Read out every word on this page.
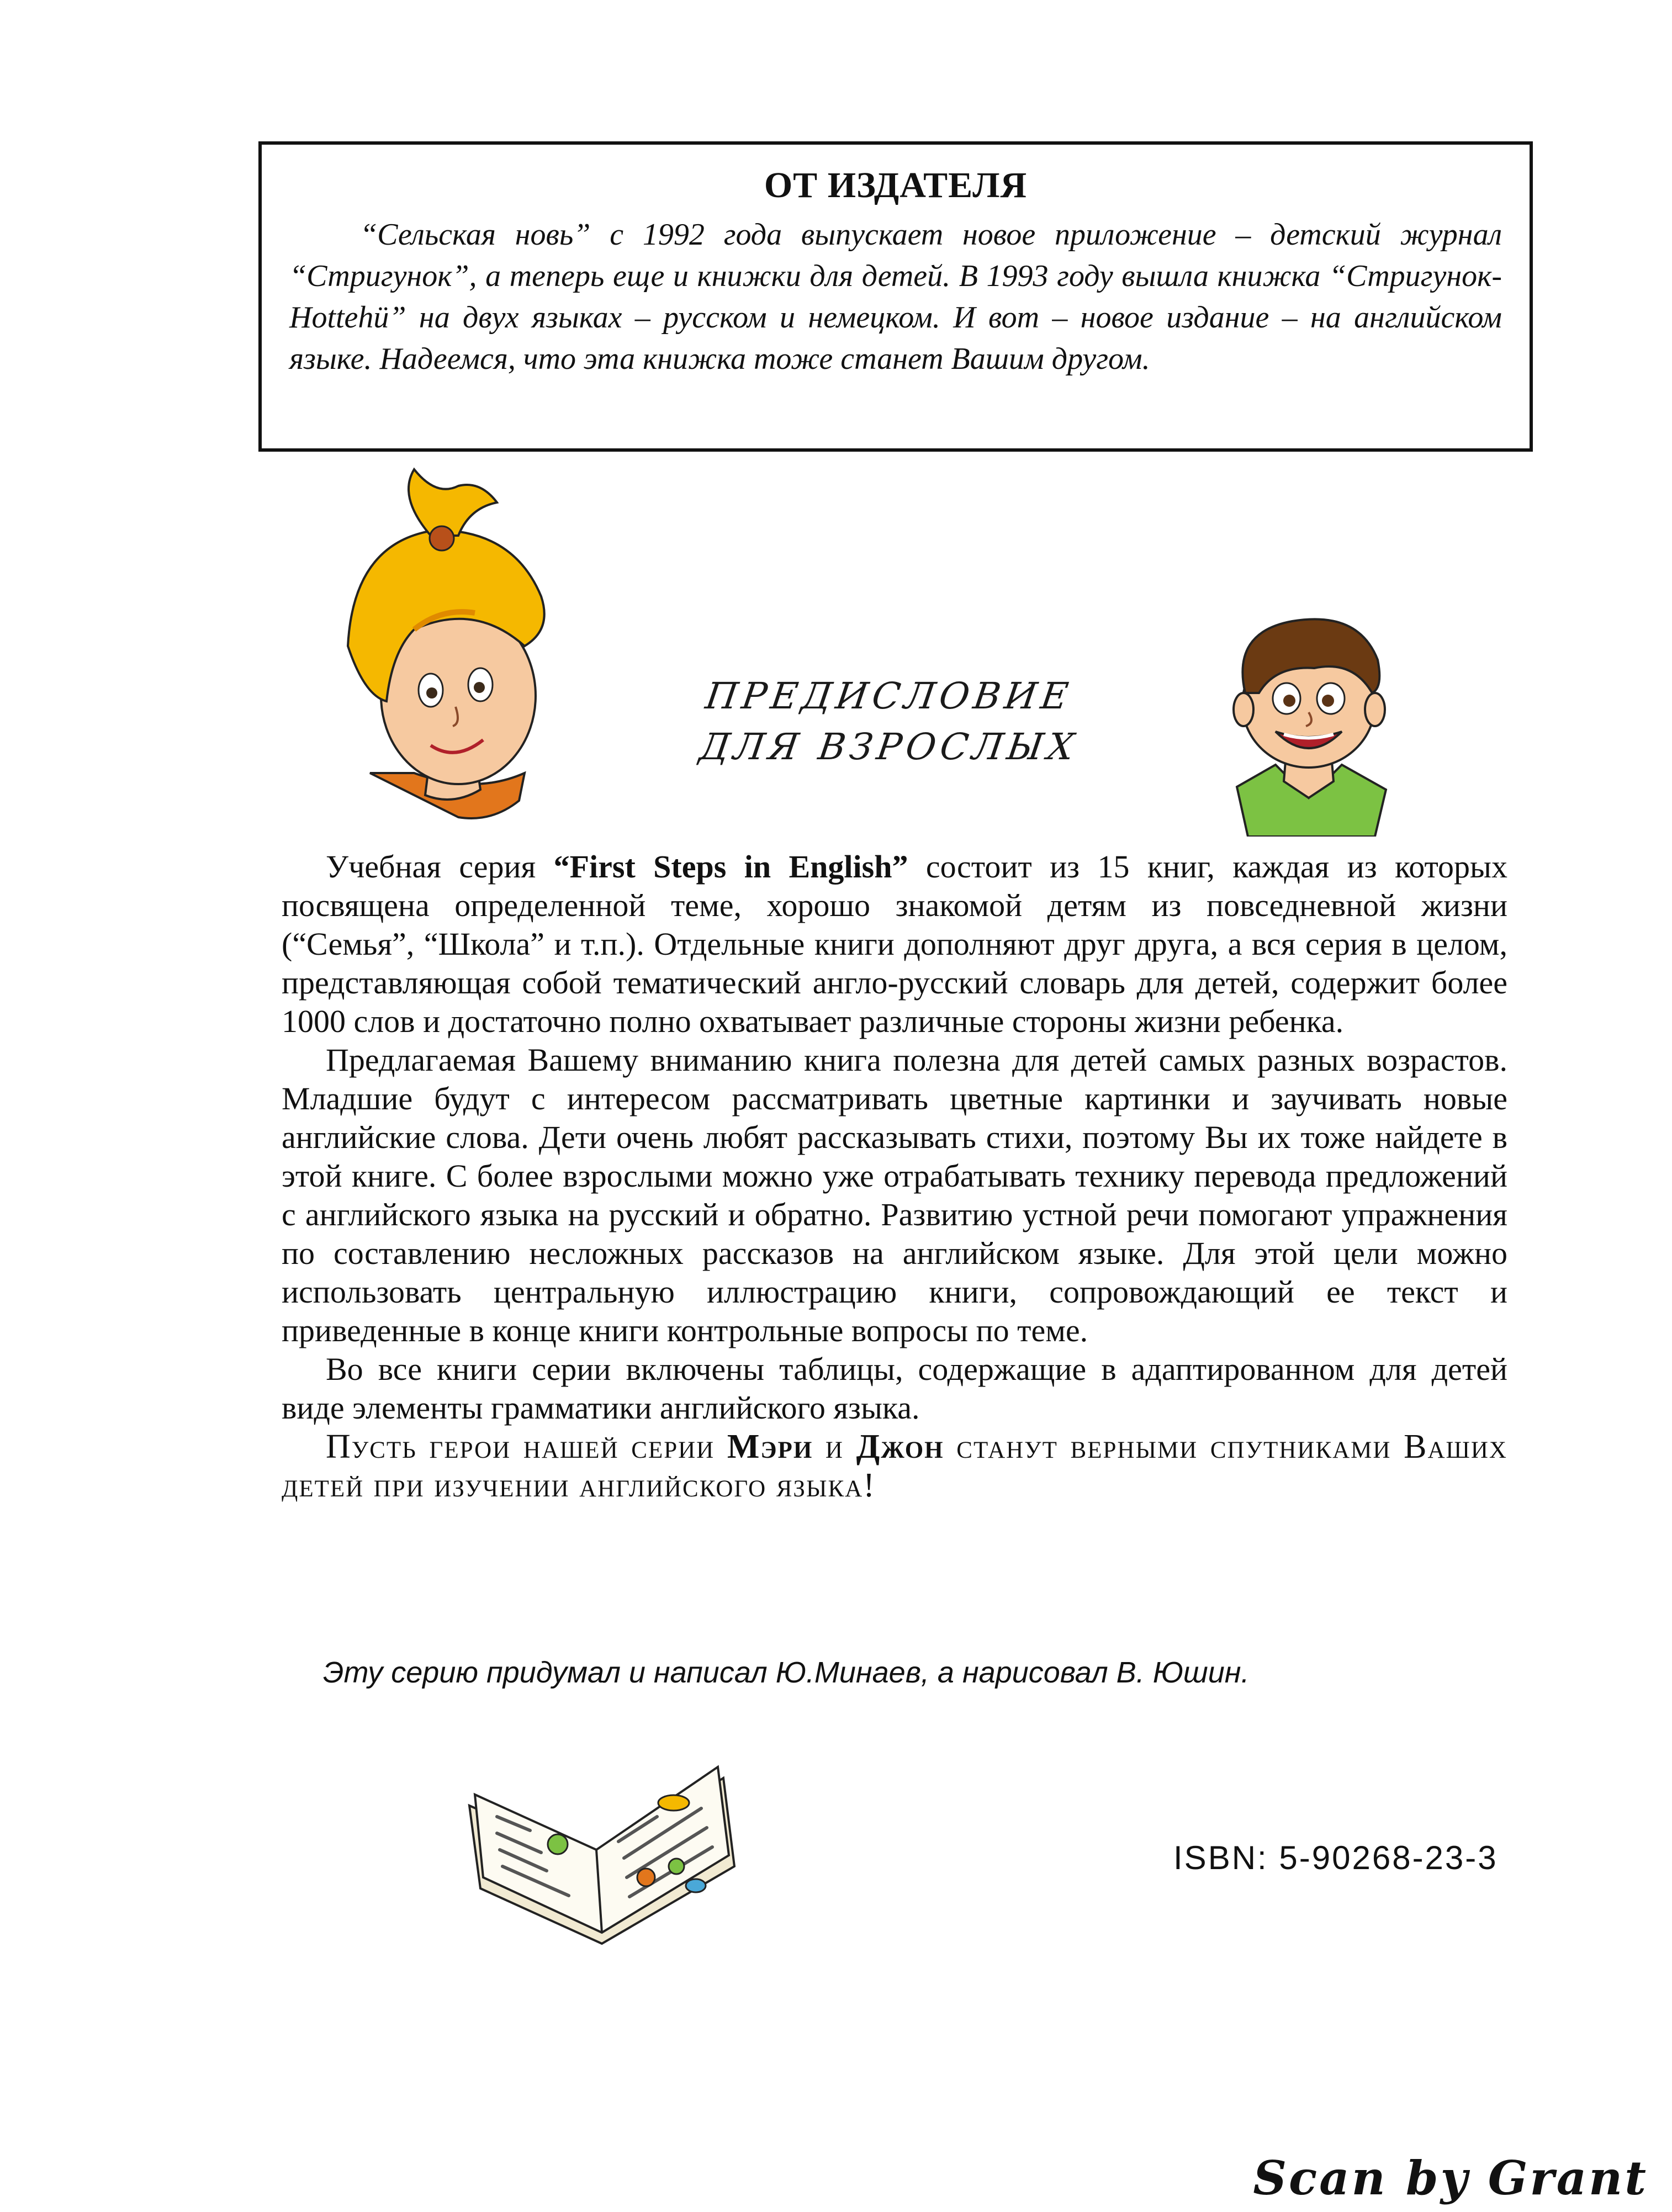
ОТ ИЗДАТЕЛЯ

“Сельская новь” с 1992 года выпускает новое приложение – детский журнал “Стригунок”, а теперь еще и книжки для детей. В 1993 году вышла книжка “Стригунок-Hottehü” на двух языках – русском и немецком. И вот – новое издание – на английском языке. Надеемся, что эта книжка тоже станет Вашим другом.

ПРЕДИСЛОВИЕ
ДЛЯ ВЗРОСЛЫХ

Учебная серия “First Steps in English” состоит из 15 книг, каждая из которых посвящена определенной теме, хорошо знакомой детям из повседневной жизни (“Семья”, “Школа” и т.п.). Отдельные книги дополняют друг друга, а вся серия в целом, представляющая собой тематический англо-русский словарь для детей, содержит более 1000 слов и достаточно полно охватывает различные стороны жизни ребенка.

Предлагаемая Вашему вниманию книга полезна для детей самых разных возрастов. Младшие будут с интересом рассматривать цветные картинки и заучивать новые английские слова. Дети очень любят рассказывать стихи, поэтому Вы их тоже найдете в этой книге. С более взрослыми можно уже отрабатывать технику перевода предложений с английского языка на русский и обратно. Развитию устной речи помогают упражнения по составлению несложных рассказов на английском языке. Для этой цели можно использовать центральную иллюстрацию книги, сопровождающий ее текст и приведенные в конце книги контрольные вопросы по теме.

Во все книги серии включены таблицы, содержащие в адаптированном для детей виде элементы грамматики английского языка.

Пусть герои нашей серии Мэри и Джон станут верными спутниками Ваших детей при изучении английского языка!

Эту серию придумал и написал Ю.Минаев, а нарисовал В. Юшин.
ISBN: 5-90268-23-3
Scan by Grant
